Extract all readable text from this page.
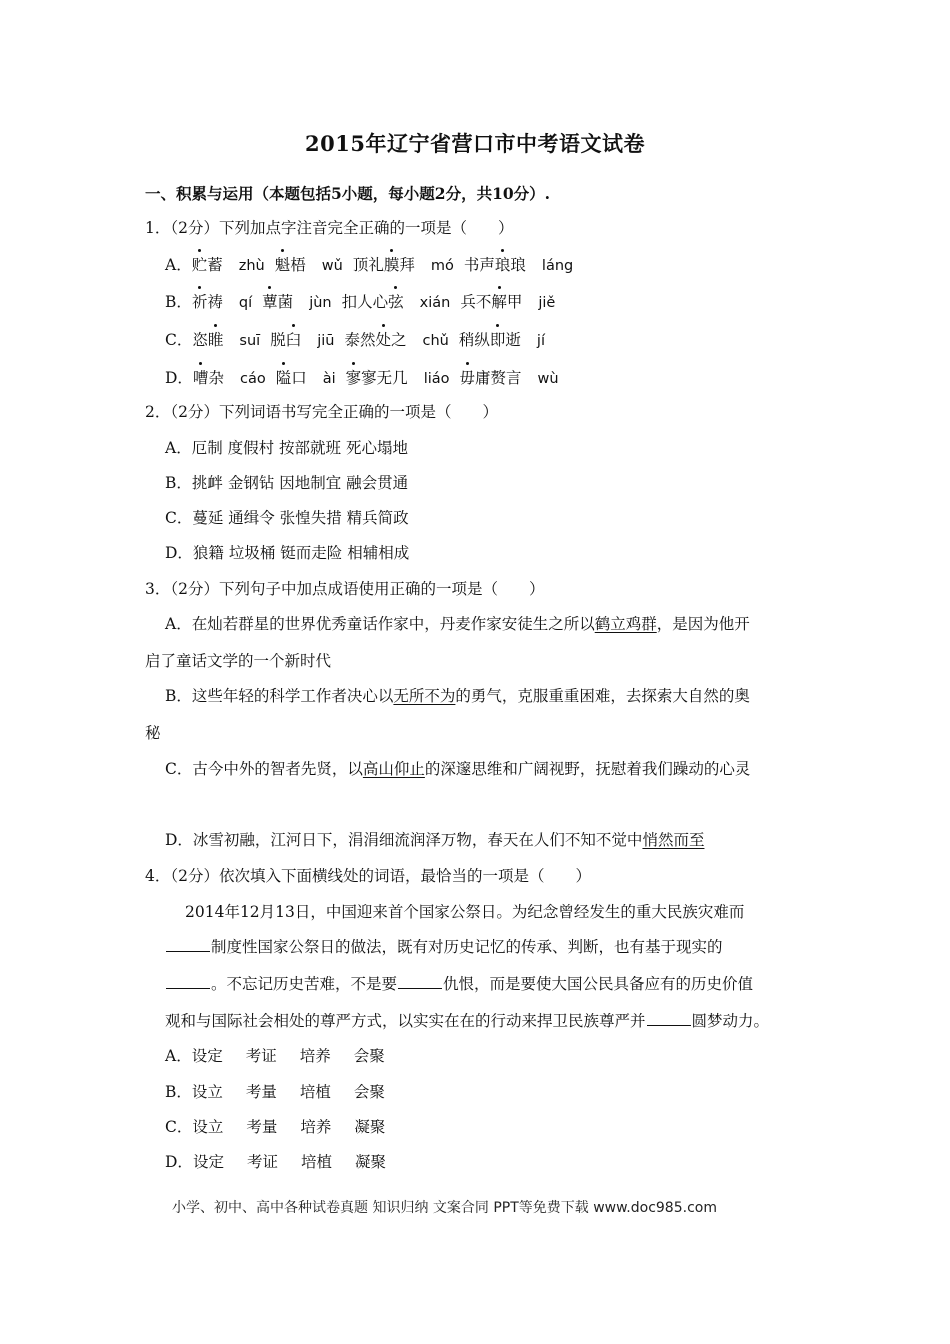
2015年辽宁省营口市中考语文试卷
一、积累与运用（本题包括5小题，每小题2分，共10分）.
1．（2分）下列加点字注音完全正确的一项是（　　）
A．贮蓄 zhù 魁梧 wǔ 顶礼膜拜 mó 书声琅琅 láng
B．祈祷 qí 蕈菌 jùn 扣人心弦 xián 兵不解甲 jiě
C．恣睢 suī 脱臼 jiū 泰然处之 chǔ 稍纵即逝 jí
D．嘈杂 cáo 隘口 ài 寥寥无几 liáo 毋庸赘言 wù
2．（2分）下列词语书写完全正确的一项是（　　）
A．厄制 度假村 按部就班 死心塌地
B．挑衅 金钢钻 因地制宜 融会贯通
C．蔓延 通缉令 张惶失措 精兵简政
D．狼籍 垃圾桶 铤而走险 相辅相成
3．（2分）下列句子中加点成语使用正确的一项是（　　）
A．在灿若群星的世界优秀童话作家中，丹麦作家安徒生之所以鹤立鸡群，是因为他开
启了童话文学的一个新时代
B．这些年轻的科学工作者决心以无所不为的勇气，克服重重困难，去探索大自然的奥
秘
C．古今中外的智者先贤，以高山仰止的深邃思维和广阔视野，抚慰着我们躁动的心灵
D．冰雪初融，江河日下，涓涓细流润泽万物，春天在人们不知不觉中悄然而至
4．（2分）依次填入下面横线处的词语，最恰当的一项是（　　）
2014年12月13日，中国迎来首个国家公祭日。为纪念曾经发生的重大民族灾难而
制度性国家公祭日的做法，既有对历史记忆的传承、判断，也有基于现实的
。不忘记历史苦难，不是要	仇恨，而是要使大国公民具备应有的历史价值
观和与国际社会相处的尊严方式，以实实在在的行动来捍卫民族尊严并	圆梦动力。
A．设定 考证 培养 会聚
B．设立 考量 培植 会聚
C．设立 考量 培养 凝聚
D．设定 考证 培植 凝聚
小学、初中、高中各种试卷真题 知识归纳 文案合同 PPT等免费下载 www.doc985.com
